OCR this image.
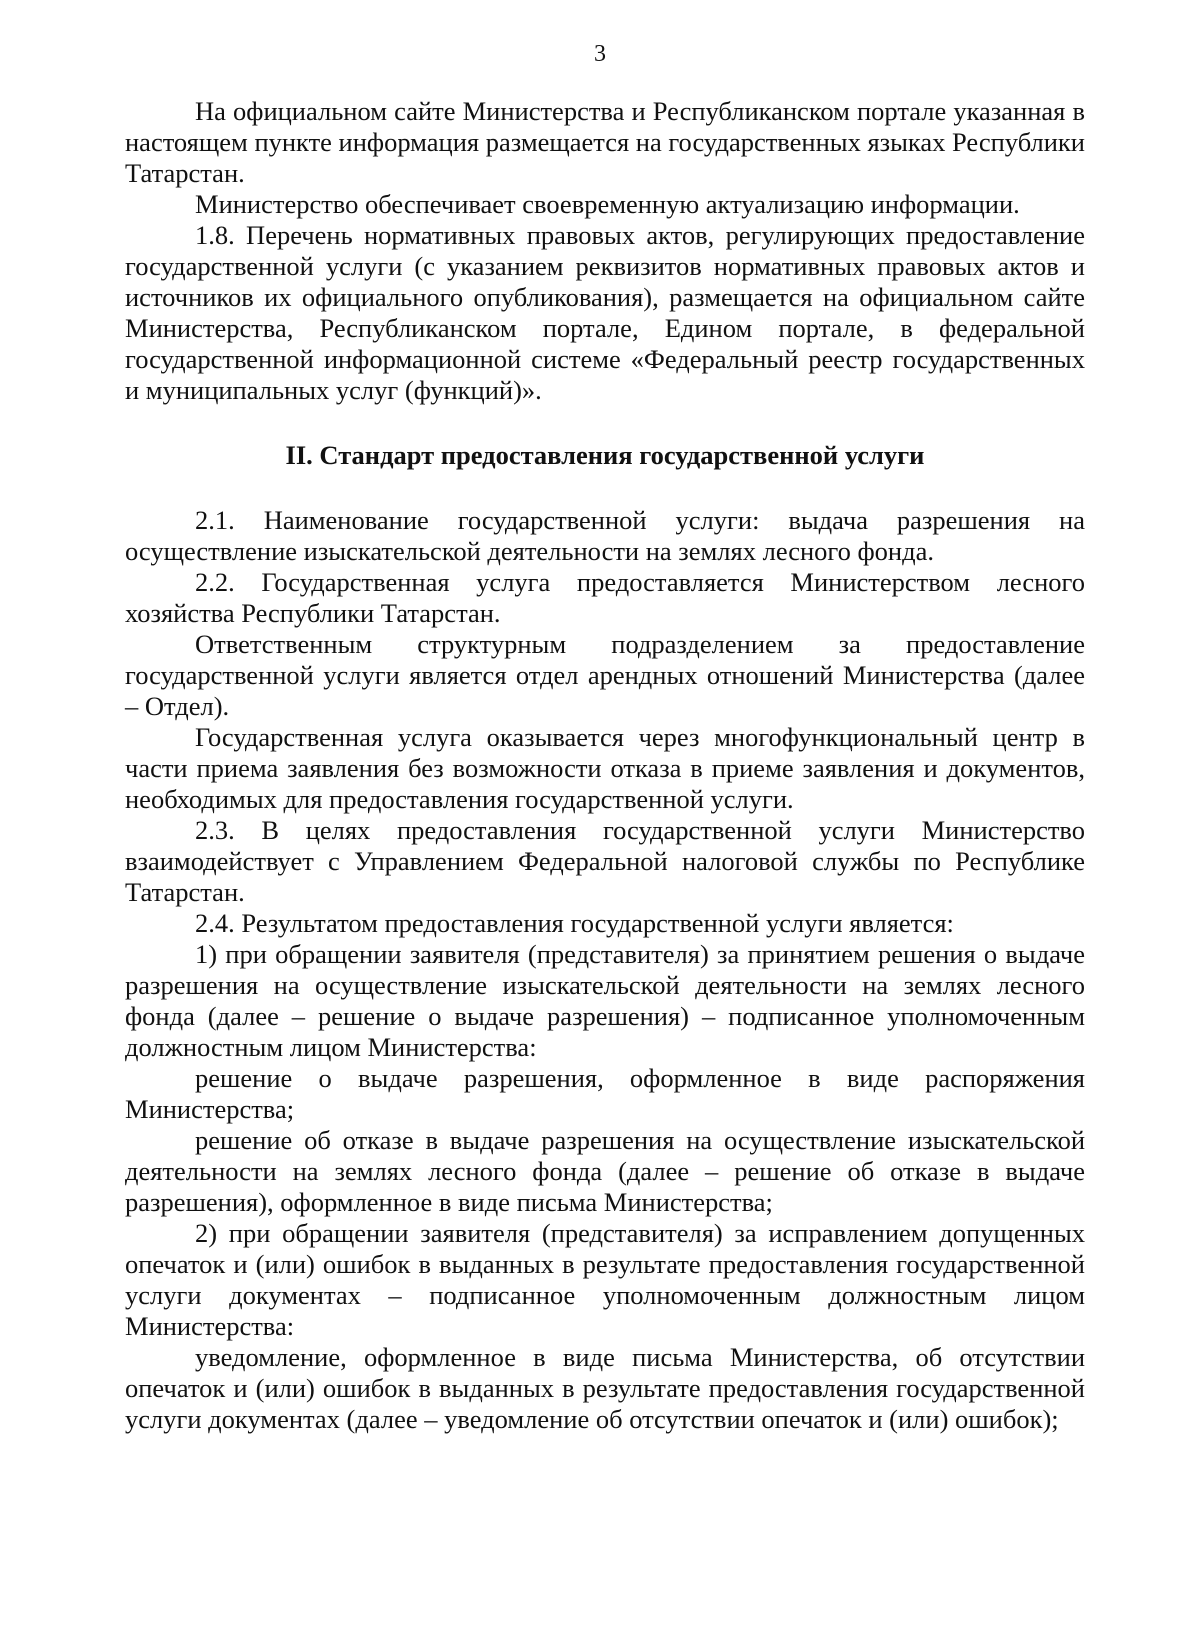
3

На официальном сайте Министерства и Республиканском портале указанная в настоящем пункте информация размещается на государственных языках Республики Татарстан.

Министерство обеспечивает своевременную актуализацию информации.

1.8. Перечень нормативных правовых актов, регулирующих предоставление государственной услуги (с указанием реквизитов нормативных правовых актов и источников их официального опубликования), размещается на официальном сайте Министерства, Республиканском портале, Едином портале, в федеральной государственной информационной системе «Федеральный реестр государственных и муниципальных услуг (функций)».

II. Стандарт предоставления государственной услуги

2.1. Наименование государственной услуги: выдача разрешения на осуществление изыскательской деятельности на землях лесного фонда.

2.2. Государственная услуга предоставляется Министерством лесного хозяйства Республики Татарстан.

Ответственным структурным подразделением за предоставление государственной услуги является отдел арендных отношений Министерства (далее – Отдел).

Государственная услуга оказывается через многофункциональный центр в части приема заявления без возможности отказа в приеме заявления и документов, необходимых для предоставления государственной услуги.

2.3. В целях предоставления государственной услуги Министерство взаимодействует с Управлением Федеральной налоговой службы по Республике Татарстан.

2.4. Результатом предоставления государственной услуги является:

1) при обращении заявителя (представителя) за принятием решения о выдаче разрешения на осуществление изыскательской деятельности на землях лесного фонда (далее – решение о выдаче разрешения) – подписанное уполномоченным должностным лицом Министерства:

решение о выдаче разрешения, оформленное в виде распоряжения Министерства;

решение об отказе в выдаче разрешения на осуществление изыскательской деятельности на землях лесного фонда (далее – решение об отказе в выдаче разрешения), оформленное в виде письма Министерства;

2) при обращении заявителя (представителя) за исправлением допущенных опечаток и (или) ошибок в выданных в результате предоставления государственной услуги документах – подписанное уполномоченным должностным лицом Министерства:

уведомление, оформленное в виде письма Министерства, об отсутствии опечаток и (или) ошибок в выданных в результате предоставления государственной услуги документах (далее – уведомление об отсутствии опечаток и (или) ошибок);
